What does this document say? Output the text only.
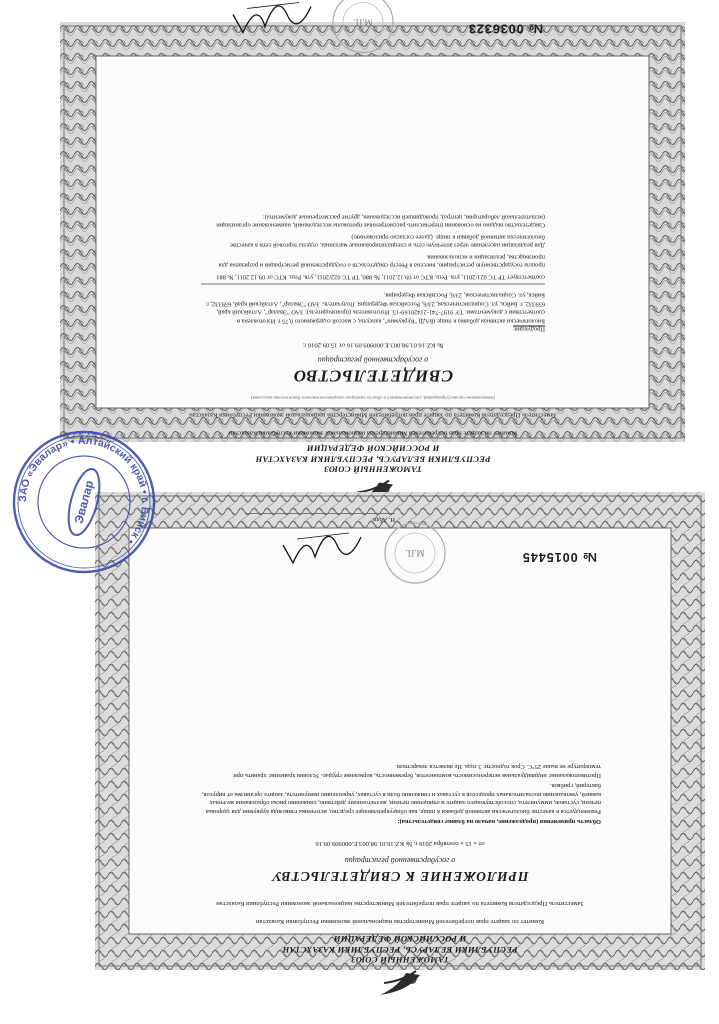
ТАМОЖЕННЫЙ СОЮЗ
РЕСПУБЛИКИ БЕЛАРУСЬ, РЕСПУБЛИКИ КАЗАХСТАН
И РОССИЙСКОЙ ФЕДЕРАЦИИ
Комитет по защите прав потребителей Министерства национальной экономики Республики Казахстан
Заместитель Председателя Комитета по защите прав потребителей Министерства национальной экономики Республики Казахстан
(наименование органа (учреждения), уполномоченного в области санитарно-эпидемиологического благополучия населения)
СВИДЕТЕЛЬСТВО
о государственной регистрации
№ KZ.16.01.98.003.Е.000909.09.16 от 15.09.2016 г.
Продукция:
Биологически активная добавка к пище (БАД) "Куркумин", капсулы, с массой содержимого 0,75 г. Изготовлена в соответствии с документами: ТУ 9197-741-21420169-15. Изготовитель (производитель): ЗАО "Эвалар", Алтайский край, 659332, г. Бийск, ул. Социалистическая, 23/6, Российская Федерация. Получатель: ЗАО "Эвалар", Алтайский край, 659332, г. Бийск, ул. Социалистическая, 23/6, Российская Федерация.
соответствует ТР ТС 021/2011, утв. Реш. КТС от 09.12.2011, № 880, ТР ТС 022/2011, утв. Реш. КТС от 09.12.2011, № 881
прошла государственную регистрацию, внесена в Реестр свидетельств о государственной регистрации и разрешена для производства, реализации и использования.
Для реализации населению через аптечную сеть и специализированные магазины, отделы торговой сети в качестве биологически активной добавки к пище. (далее согласно приложению)
Свидетельство выдано на основании (перечислить рассмотренные протоколы исследований, наименование организации (испытательной лаборатории, центра), проводившей исследования, другие рассмотренные документы):
№ 0036323
М.П.
ТАМОЖЕННЫЙ СОЮЗ
РЕСПУБЛИКИ БЕЛАРУСЬ, РЕСПУБЛИКИ КАЗАХСТАН
И РОССИЙСКОЙ ФЕДЕРАЦИИ
Комитет по защите прав потребителей Министерства национальной экономики Республики Казахстан
Заместитель Председателя Комитета по защите прав потребителей Министерства национальной экономики Республики Казахстан
ПРИЛОЖЕНИЕ К СВИДЕТЕЛЬСТВУ
о государственной регистрации
от « 15 » сентября 2016 г. № KZ.16.01.98.003.Е.000909.09.16
Область применения (продолжение, начало на бланке свидетельства):
Рекомендуется в качестве биологически активной добавки к пище, как общеукрепляющее средство, источника гликозида куркумин для здоровья печени, суставов, иммунитета, способствующего защите и очищению печени, желчегонному действию, снижению риска образования желчных камней, уменьшению воспалительных процессов в суставах и снижению боли в суставах, укреплению иммунитета, защите организма от вирусов, бактерий, грибков.
Противопоказания: индивидуальная непереносимость компонентов, беременность, кормление грудью. Условия хранения: хранить при температуре не выше 25°С. Срок годности: 3 года. Не является лекарством.
№ 0015445
М.П.
Н. Абди
ЗАО «Эвалар» • Алтайский край • г. Бийск •
Эвалар
